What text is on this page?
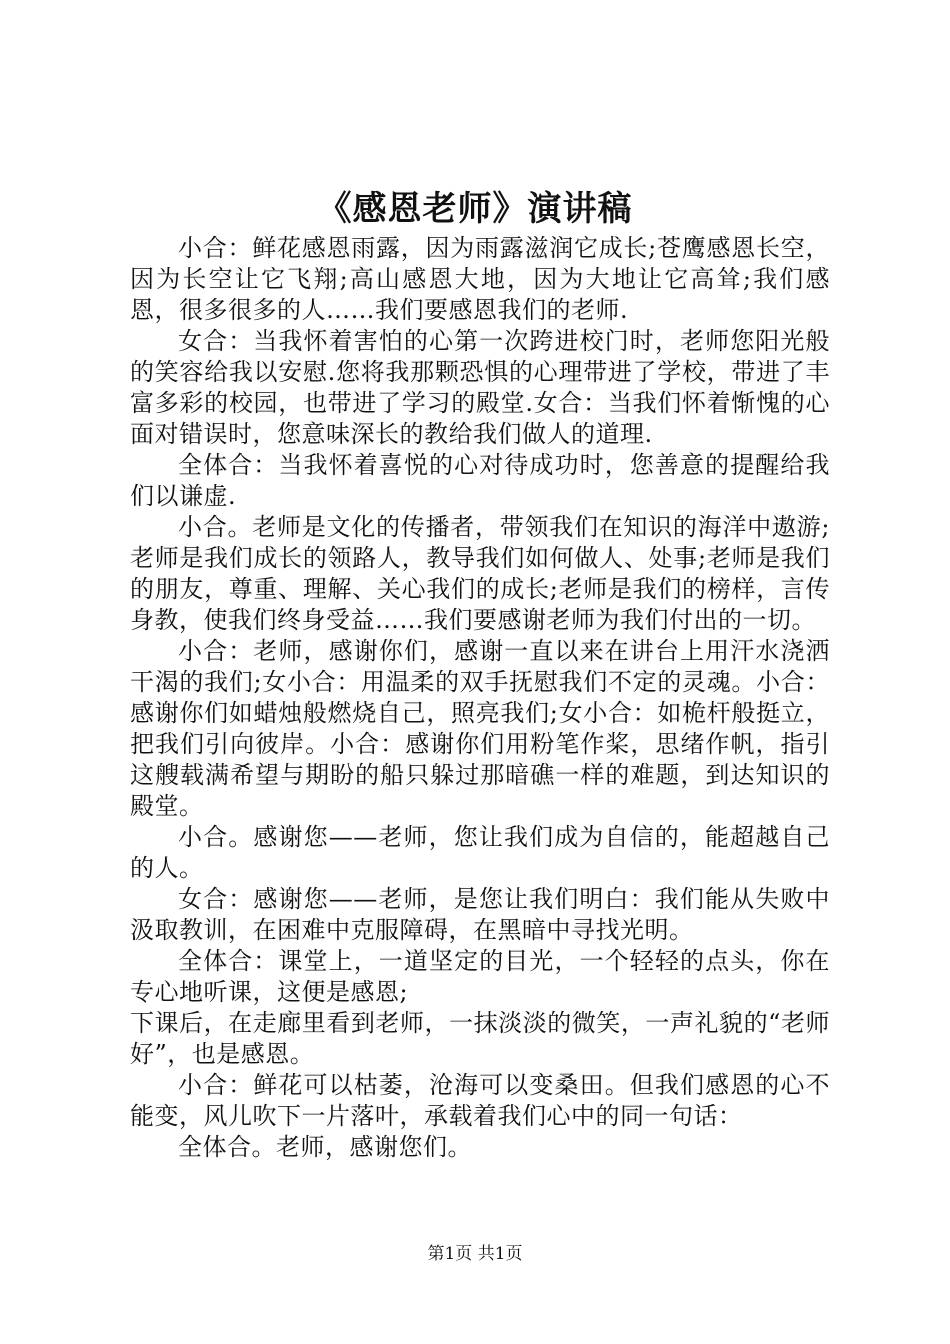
《感恩老师》演讲稿

小合：鲜花感恩雨露，因为雨露滋润它成长;苍鹰感恩长空，因为长空让它飞翔;高山感恩大地，因为大地让它高耸;我们感恩，很多很多的人……我们要感恩我们的老师.

女合：当我怀着害怕的心第一次跨进校门时，老师您阳光般的笑容给我以安慰.您将我那颗恐惧的心理带进了学校，带进了丰富多彩的校园，也带进了学习的殿堂.女合：当我们怀着惭愧的心面对错误时，您意味深长的教给我们做人的道理.

全体合：当我怀着喜悦的心对待成功时，您善意的提醒给我们以谦虚.

小合。老师是文化的传播者，带领我们在知识的海洋中遨游;老师是我们成长的领路人，教导我们如何做人、处事;老师是我们的朋友，尊重、理解、关心我们的成长;老师是我们的榜样，言传身教，使我们终身受益……我们要感谢老师为我们付出的一切。

小合：老师，感谢你们，感谢一直以来在讲台上用汗水浇洒干渴的我们;女小合：用温柔的双手抚慰我们不定的灵魂。小合：感谢你们如蜡烛般燃烧自己，照亮我们;女小合：如桅杆般挺立，把我们引向彼岸。小合：感谢你们用粉笔作桨，思绪作帆，指引这艘载满希望与期盼的船只躲过那暗礁一样的难题，到达知识的殿堂。

小合。感谢您——老师，您让我们成为自信的，能超越自己的人。

女合：感谢您——老师，是您让我们明白：我们能从失败中汲取教训，在困难中克服障碍，在黑暗中寻找光明。

全体合：课堂上，一道坚定的目光，一个轻轻的点头，你在专心地听课，这便是感恩;

下课后，在走廊里看到老师，一抹淡淡的微笑，一声礼貌的“老师好”，也是感恩。

小合：鲜花可以枯萎，沧海可以变桑田。但我们感恩的心不能变，风儿吹下一片落叶，承载着我们心中的同一句话：

全体合。老师，感谢您们。

第1页 共1页
